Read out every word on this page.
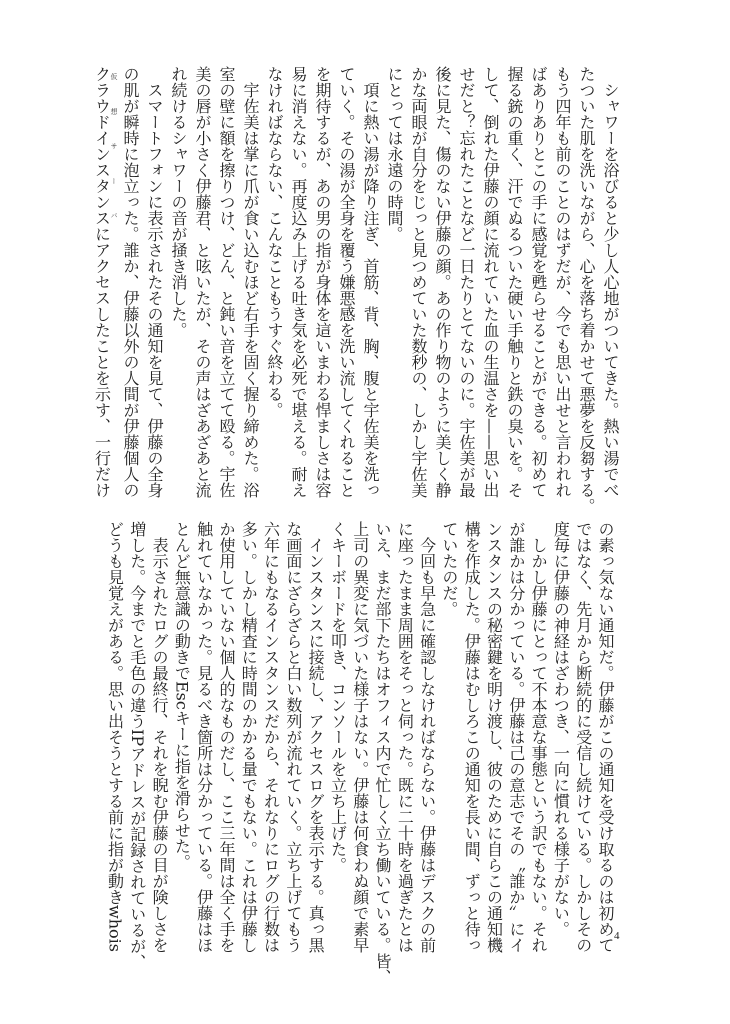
　シャワーを浴びると少し人心地がついてきた。熱い湯でべ
たついた肌を洗いながら、心を落ち着かせて悪夢を反芻する。
もう四年も前のことのはずだが、今でも思い出せと言われれ
ばありありとこの手に感覚を甦らせることができる。初めて
握る銃の重く、汗でぬるついた硬い手触りと鉄の臭いを。そ
して、倒れた伊藤の顔に流れていた血の生温さを——思い出
せだと？忘れたことなど一日たりとてないのに。宇佐美が最
後に見た、傷のない伊藤の顔。あの作り物のように美しく静
かな両眼が自分をじっと見つめていた数秒の、しかし宇佐美
にとっては永遠の時間。
　項に熱い湯が降り注ぎ、首筋、背、胸、腹と宇佐美を洗っ
ていく。その湯が全身を覆う嫌悪感を洗い流してくれること
を期待するが、あの男の指が身体を這いまわる悍ましさは容
易に消えない。再度込み上げる吐き気を必死で堪える。耐え
なければならない、こんなこともうすぐ終わる。
　宇佐美は掌に爪が食い込むほど右手を固く握り締めた。浴
室の壁に額を擦りつけ、どん、と鈍い音を立てて殴る。宇佐
美の唇が小さく伊藤君、と呟いたが、その声はざあざあと流
れ続けるシャワーの音が掻き消した。
　スマートフォンに表示されたその通知を見て、伊藤の全身
の肌が瞬時に泡立った。誰か、伊藤以外の人間が伊藤個人の
クラウドインスタンス仮想サーバにアクセスしたことを示す、一行だけ
の素っ気ない通知だ。伊藤がこの通知を受け取るのは初めて
ではなく、先月から断続的に受信し続けている。しかしその
度毎に伊藤の神経はざわつき、一向に慣れる様子がない。
　しかし伊藤にとって不本意な事態という訳でもない。それ
が誰かは分かっている。伊藤は己の意志でその〝誰か〟にイ
ンスタンスの秘密鍵を明け渡し、彼のために自らこの通知機
構を作成した。伊藤はむしろこの通知を長い間、ずっと待っ
ていたのだ。
　今回も早急に確認しなければならない。伊藤はデスクの前
に座ったまま周囲をそっと伺った。既に二十時を過ぎたとは
いえ、まだ部下たちはオフィス内で忙しく立ち働いている。皆、
上司の異変に気づいた様子はない。伊藤は何食わぬ顔で素早
くキーボードを叩き、コンソールを立ち上げた。
　インスタンスに接続し、アクセスログを表示する。真っ黒
な画面にざらざらと白い数列が流れていく。立ち上げてもう
六年にもなるインスタンスだから、それなりにログの行数は
多い。しかし精査に時間のかかる量でもない。これは伊藤し
か使用していない個人的なものだし、ここ三年間は全く手を
触れていなかった。見るべき箇所は分かっている。伊藤はほ
とんど無意識の動きでEscキーに指を滑らせた。
　表示されたログの最終行、それを睨む伊藤の目が険しさを
増した。今までと毛色の違うIPアドレスが記録されているが、
どうも見覚えがある。思い出そうとする前に指が動きwhois	4
